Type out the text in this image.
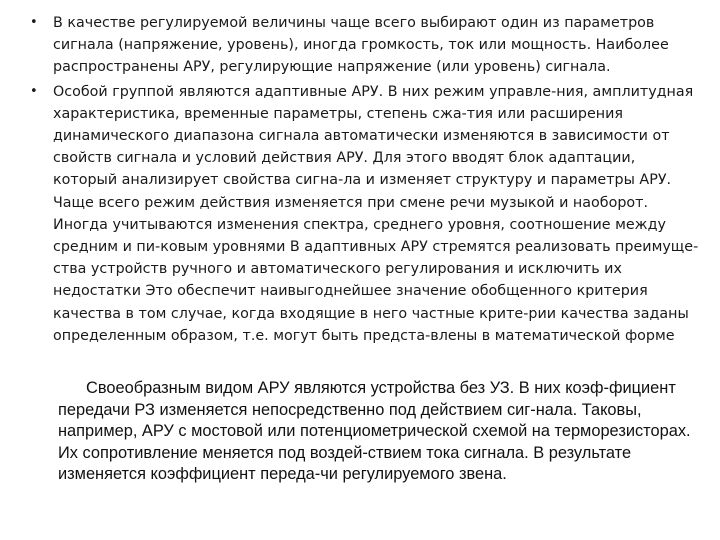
• В качестве регулируемой величины чаще всего выбирают один из параметров сигнала (напряжение, уровень), иногда громкость, ток или мощность. Наиболее распространены АРУ, регулирующие напряжение (или уровень) сигнала.
• Особой группой являются адаптивные АРУ. В них режим управле-ния, амплитудная характеристика, временные параметры, степень сжа-тия или расширения динамического диапазона сигнала автоматически изменяются в зависимости от свойств сигнала и условий действия АРУ. Для этого вводят блок адаптации, который анализирует свойства сигна-ла и изменяет структуру и параметры АРУ. Чаще всего режим действия изменяется при смене речи музыкой и наоборот. Иногда учитываются изменения спектра, среднего уровня, соотношение между средним и пи-ковым уровнями В адаптивных АРУ стремятся реализовать преимуще-ства устройств ручного и автоматического регулирования и исключить их недостатки Это обеспечит наивыгоднейшее значение обобщенного критерия качества в том случае, когда входящие в него частные крите-рии качества заданы определенным образом, т.е. могут быть предста-влены в математической форме

Своеобразным видом АРУ являются устройства без УЗ. В них коэф-фициент передачи РЗ изменяется непосредственно под действием сиг-нала. Таковы, например, АРУ с мостовой или потенциометрической схемой на терморезисторах. Их сопротивление меняется под воздей-ствием тока сигнала. В результате изменяется коэффициент переда-чи регулируемого звена.
